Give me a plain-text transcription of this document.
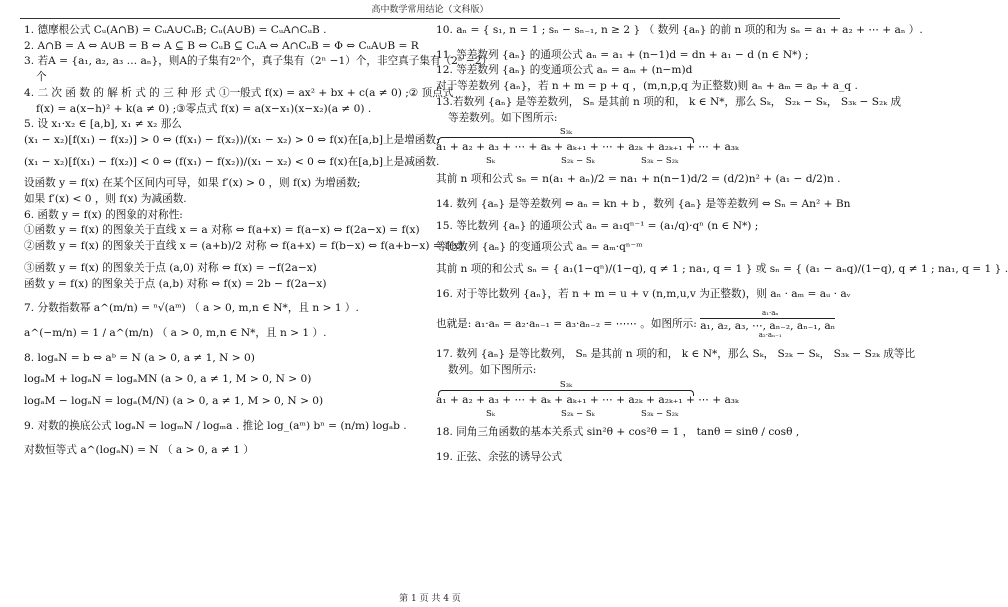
高中数学常用结论（文科版）
1. 德摩根公式 Cᵤ(A∩B) = CᵤA∪CᵤB; Cᵤ(A∪B) = CᵤA∩CᵤB .
2. A∩B = A ⇔ A∪B = B ⇔ A ⊆ B ⇔ CᵤB ⊆ CᵤA ⇔ A∩CᵤB = Φ ⇔ CᵤA∪B = R
3. 若A = {a₁, a₂, a₃ … aₙ}，则A的子集有2ⁿ个，真子集有（2ⁿ −1）个，非空真子集有（2ⁿ −2）
个
4. 二 次 函 数 的 解 析 式 的 三 种 形 式 ①一般式 f(x) = ax² + bx + c(a ≠ 0) ;② 顶点式
f(x) = a(x−h)² + k(a ≠ 0) ;③零点式 f(x) = a(x−x₁)(x−x₂)(a ≠ 0) .
5. 设 x₁·x₂ ∈ [a,b], x₁ ≠ x₂ 那么
(x₁ − x₂)[f(x₁) − f(x₂)] > 0 ⇔ (f(x₁) − f(x₂))/(x₁ − x₂) > 0 ⇔ f(x)在[a,b]上是增函数;
(x₁ − x₂)[f(x₁) − f(x₂)] < 0 ⇔ (f(x₁) − f(x₂))/(x₁ − x₂) < 0 ⇔ f(x)在[a,b]上是减函数.
设函数 y = f(x) 在某个区间内可导，如果 f′(x) > 0 ，则 f(x) 为增函数;
如果 f′(x) < 0 ，则 f(x) 为减函数.
6. 函数 y = f(x) 的图象的对称性:
①函数 y = f(x) 的图象关于直线 x = a 对称 ⇔ f(a+x) = f(a−x) ⇔ f(2a−x) = f(x)
②函数 y = f(x) 的图象关于直线 x = (a+b)/2 对称 ⇔ f(a+x) = f(b−x) ⇔ f(a+b−x) = f(x).
③函数 y = f(x) 的图象关于点 (a,0) 对称 ⇔ f(x) = −f(2a−x)
函数 y = f(x) 的图象关于点 (a,b) 对称 ⇔ f(x) = 2b − f(2a−x)
7. 分数指数幂 a^(m/n) = ⁿ√(aᵐ) （ a > 0, m,n ∈ N*，且 n > 1 ）.
a^(−m/n) = 1 / a^(m/n) （ a > 0, m,n ∈ N*，且 n > 1 ）.
8. logₐN = b ⇔ aᵇ = N (a > 0, a ≠ 1, N > 0)
logₐM + logₐN = logₐMN (a > 0, a ≠ 1, M > 0, N > 0)
logₐM − logₐN = logₐ(M/N) (a > 0, a ≠ 1, M > 0, N > 0)
9. 对数的换底公式 logₐN = logₘN / logₘa . 推论 log_(aᵐ) bⁿ = (n/m) logₐb .
对数恒等式 a^(logₐN) = N （ a > 0, a ≠ 1 ）
10. aₙ = { s₁, n = 1 ; sₙ − sₙ₋₁, n ≥ 2 } （ 数列 {aₙ} 的前 n 项的和为 sₙ = a₁ + a₂ + ⋯ + aₙ ）.
11. 等差数列 {aₙ} 的通项公式 aₙ = a₁ + (n−1)d = dn + a₁ − d (n ∈ N*) ;
12. 等差数列 {aₙ} 的变通项公式 aₙ = aₘ + (n−m)d
对于等差数列 {aₙ}，若 n + m = p + q ，(m,n,p,q 为正整数)则 aₙ + aₘ = aₚ + a_q .
13.若数列 {aₙ} 是等差数列， Sₙ 是其前 n 项的和， k ∈ N*，那么 Sₖ， S₂ₖ − Sₖ， S₃ₖ − S₂ₖ 成
等差数列。如下图所示:
S₃ₖ
a₁ + a₂ + a₃ + ⋯ + aₖ + aₖ₊₁ + ⋯ + a₂ₖ + a₂ₖ₊₁ + ⋯ + a₃ₖ
Sₖ	S₂ₖ − Sₖ	S₃ₖ − S₂ₖ
其前 n 项和公式 sₙ = n(a₁ + aₙ)/2 = na₁ + n(n−1)d/2 = (d/2)n² + (a₁ − d/2)n .
14. 数列 {aₙ} 是等差数列 ⇔ aₙ = kn + b ，数列 {aₙ} 是等差数列 ⇔ Sₙ = An² + Bn
15. 等比数列 {aₙ} 的通项公式 aₙ = a₁qⁿ⁻¹ = (a₁/q)·qⁿ (n ∈ N*) ;
等比数列 {aₙ} 的变通项公式 aₙ = aₘ·qⁿ⁻ᵐ
其前 n 项的和公式 sₙ = { a₁(1−qⁿ)/(1−q), q ≠ 1 ; na₁, q = 1 } 或 sₙ = { (a₁ − aₙq)/(1−q), q ≠ 1 ; na₁, q = 1 } .
16. 对于等比数列 {aₙ}，若 n + m = u + v (n,m,u,v 为正整数)，则 aₙ · aₘ = aᵤ · aᵥ
也就是: a₁·aₙ = a₂·aₙ₋₁ = a₃·aₙ₋₂ = ⋯⋯ 。如图所示:
a₁·aₙ
a₁, a₂, a₃, ⋯, aₙ₋₂, aₙ₋₁, aₙ
a₂·aₙ₋₁
17. 数列 {aₙ} 是等比数列， Sₙ 是其前 n 项的和， k ∈ N*，那么 Sₖ， S₂ₖ − Sₖ， S₃ₖ − S₂ₖ 成等比
数列。如下图所示:
S₃ₖ
a₁ + a₂ + a₃ + ⋯ + aₖ + aₖ₊₁ + ⋯ + a₂ₖ + a₂ₖ₊₁ + ⋯ + a₃ₖ
Sₖ	S₂ₖ − Sₖ	S₃ₖ − S₂ₖ
18. 同角三角函数的基本关系式 sin²θ + cos²θ = 1 ， tanθ = sinθ / cosθ ,
19. 正弦、余弦的诱导公式
第 1 页 共 4 页
